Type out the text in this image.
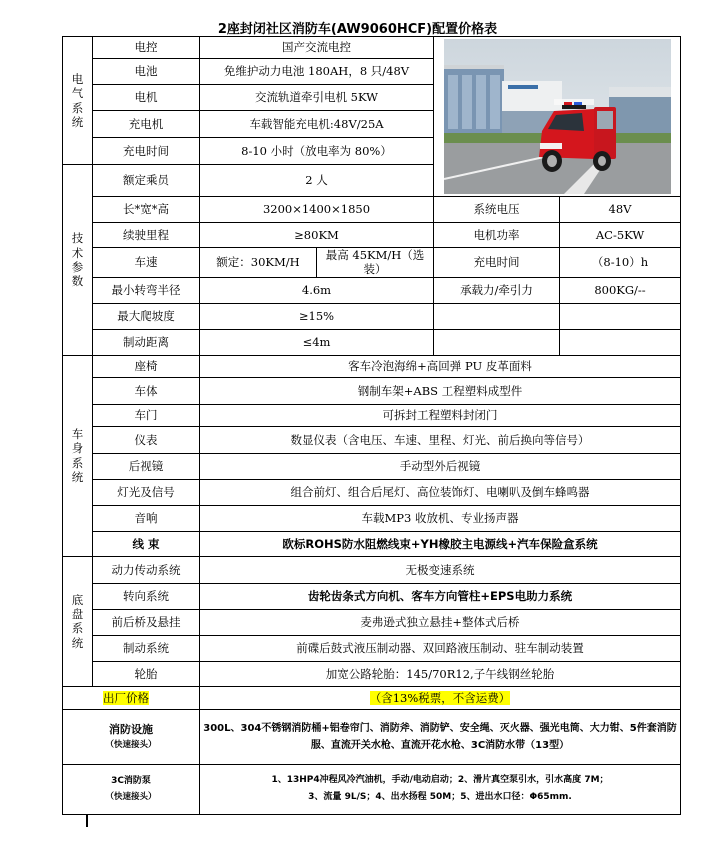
2座封闭社区消防车(AW9060HCF)配置价格表
电气系统	电控	国产交流电控	

	电池	免维护动力电池 180AH，8 只/48V			
	电机	交流轨道牵引电机 5KW			
	充电机	车载智能充电机:48V/25A			
	充电时间	8-10 小时（放电率为 80%）			
技术参数	额定乘员	2 人			
	长*宽*高	3200×1400×1850		系统电压	48V
	续驶里程	≥80KM		电机功率	AC-5KW
	车速	额定：30KM/H	最高 45KM/H（选装）	充电时间	（8-10）h
	最小转弯半径	4.6m		承载力/牵引力	800KG/--
	最大爬坡度	≥15%			
	制动距离	≤4m			
车身系统	座椅	客车冷泡海绵+高回弹 PU 皮革面料			
	车体	钢制车架+ABS 工程塑料成型件			
	车门	可拆封工程塑料封闭门			
	仪表	数显仪表（含电压、车速、里程、灯光、前后换向等信号）			
	后视镜	手动型外后视镜			
	灯光及信号	组合前灯、组合后尾灯、高位装饰灯、电喇叭及倒车蜂鸣器			
	音响	车载MP3 收放机、专业扬声器			
	线 束	欧标ROHS防水阻燃线束+YH橡胶主电源线+汽车保险盒系统			
底盘系统	动力传动系统	无极变速系统			
	转向系统	齿轮齿条式方向机、客车方向管柱+EPS电助力系统			
	前后桥及悬挂	麦弗逊式独立悬挂+整体式后桥			
	制动系统	前碟后鼓式液压制动器、双回路液压制动、驻车制动装置			
	轮胎	加宽公路轮胎：145/70R12,子午线钢丝轮胎			
出厂价格		（含13%税票，不含运费）			

消防设施
（快速接头）		300L、304不锈钢消防桶+铝卷帘门、消防斧、消防铲、安全绳、灭火器、强光电筒、大力钳、5件套消防服、直流开关水枪、直流开花水枪、3C消防水带（13型）			

3C消防泵
（快速接头）		1、13HP4冲程风冷汽油机，手动/电动启动；2、滑片真空泵引水，引水高度 7M；
3、流量 9L/S；4、出水扬程 50M；5、进出水口径：Φ65mm.			
